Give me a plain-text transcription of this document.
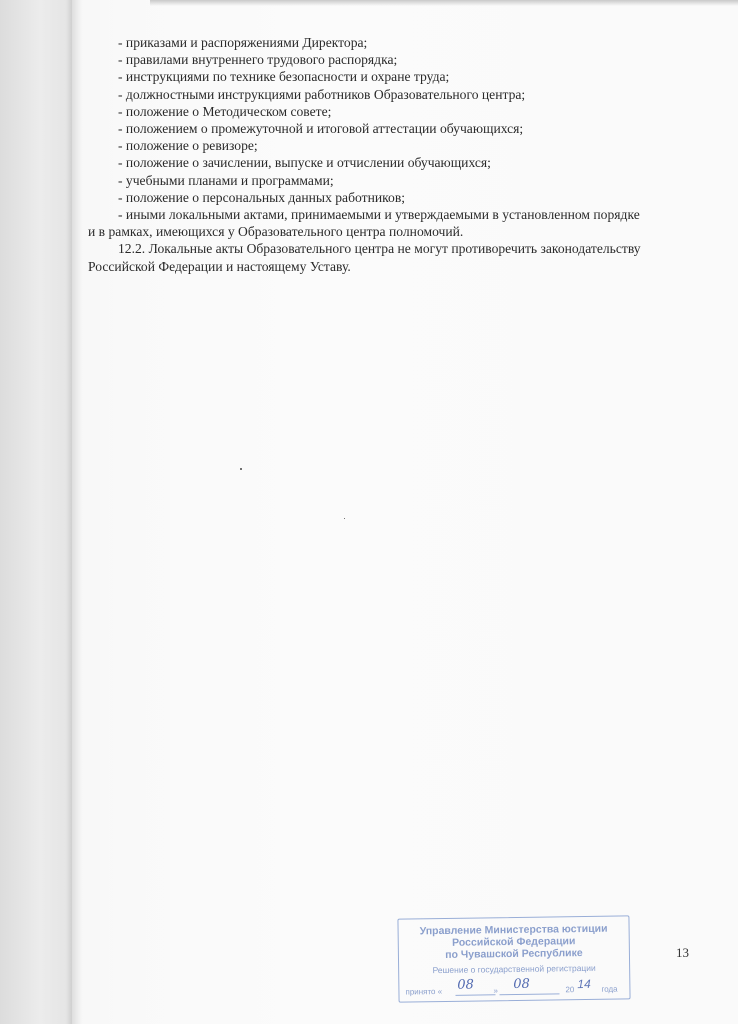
- приказами и распоряжениями Директора;
- правилами внутреннего трудового распорядка;
- инструкциями по технике безопасности и охране труда;
- должностными инструкциями работников Образовательного центра;
- положение о Методическом совете;
- положением о промежуточной и итоговой аттестации обучающихся;
- положение о ревизоре;
- положение о зачислении, выпуске и отчислении обучающихся;
- учебными планами и программами;
- положение о персональных данных работников;
- иными локальными актами, принимаемыми и утверждаемыми в установленном порядке
и в рамках, имеющихся у Образовательного центра полномочий.
12.2. Локальные акты Образовательного центра не могут противоречить законодательству
Российской Федерации и настоящему Уставу.
Управление Министерства юстиции
Российской Федерации
по Чувашской Республике
Решение о государственной регистрации
принято « 08 » 08	20 14 года
13
